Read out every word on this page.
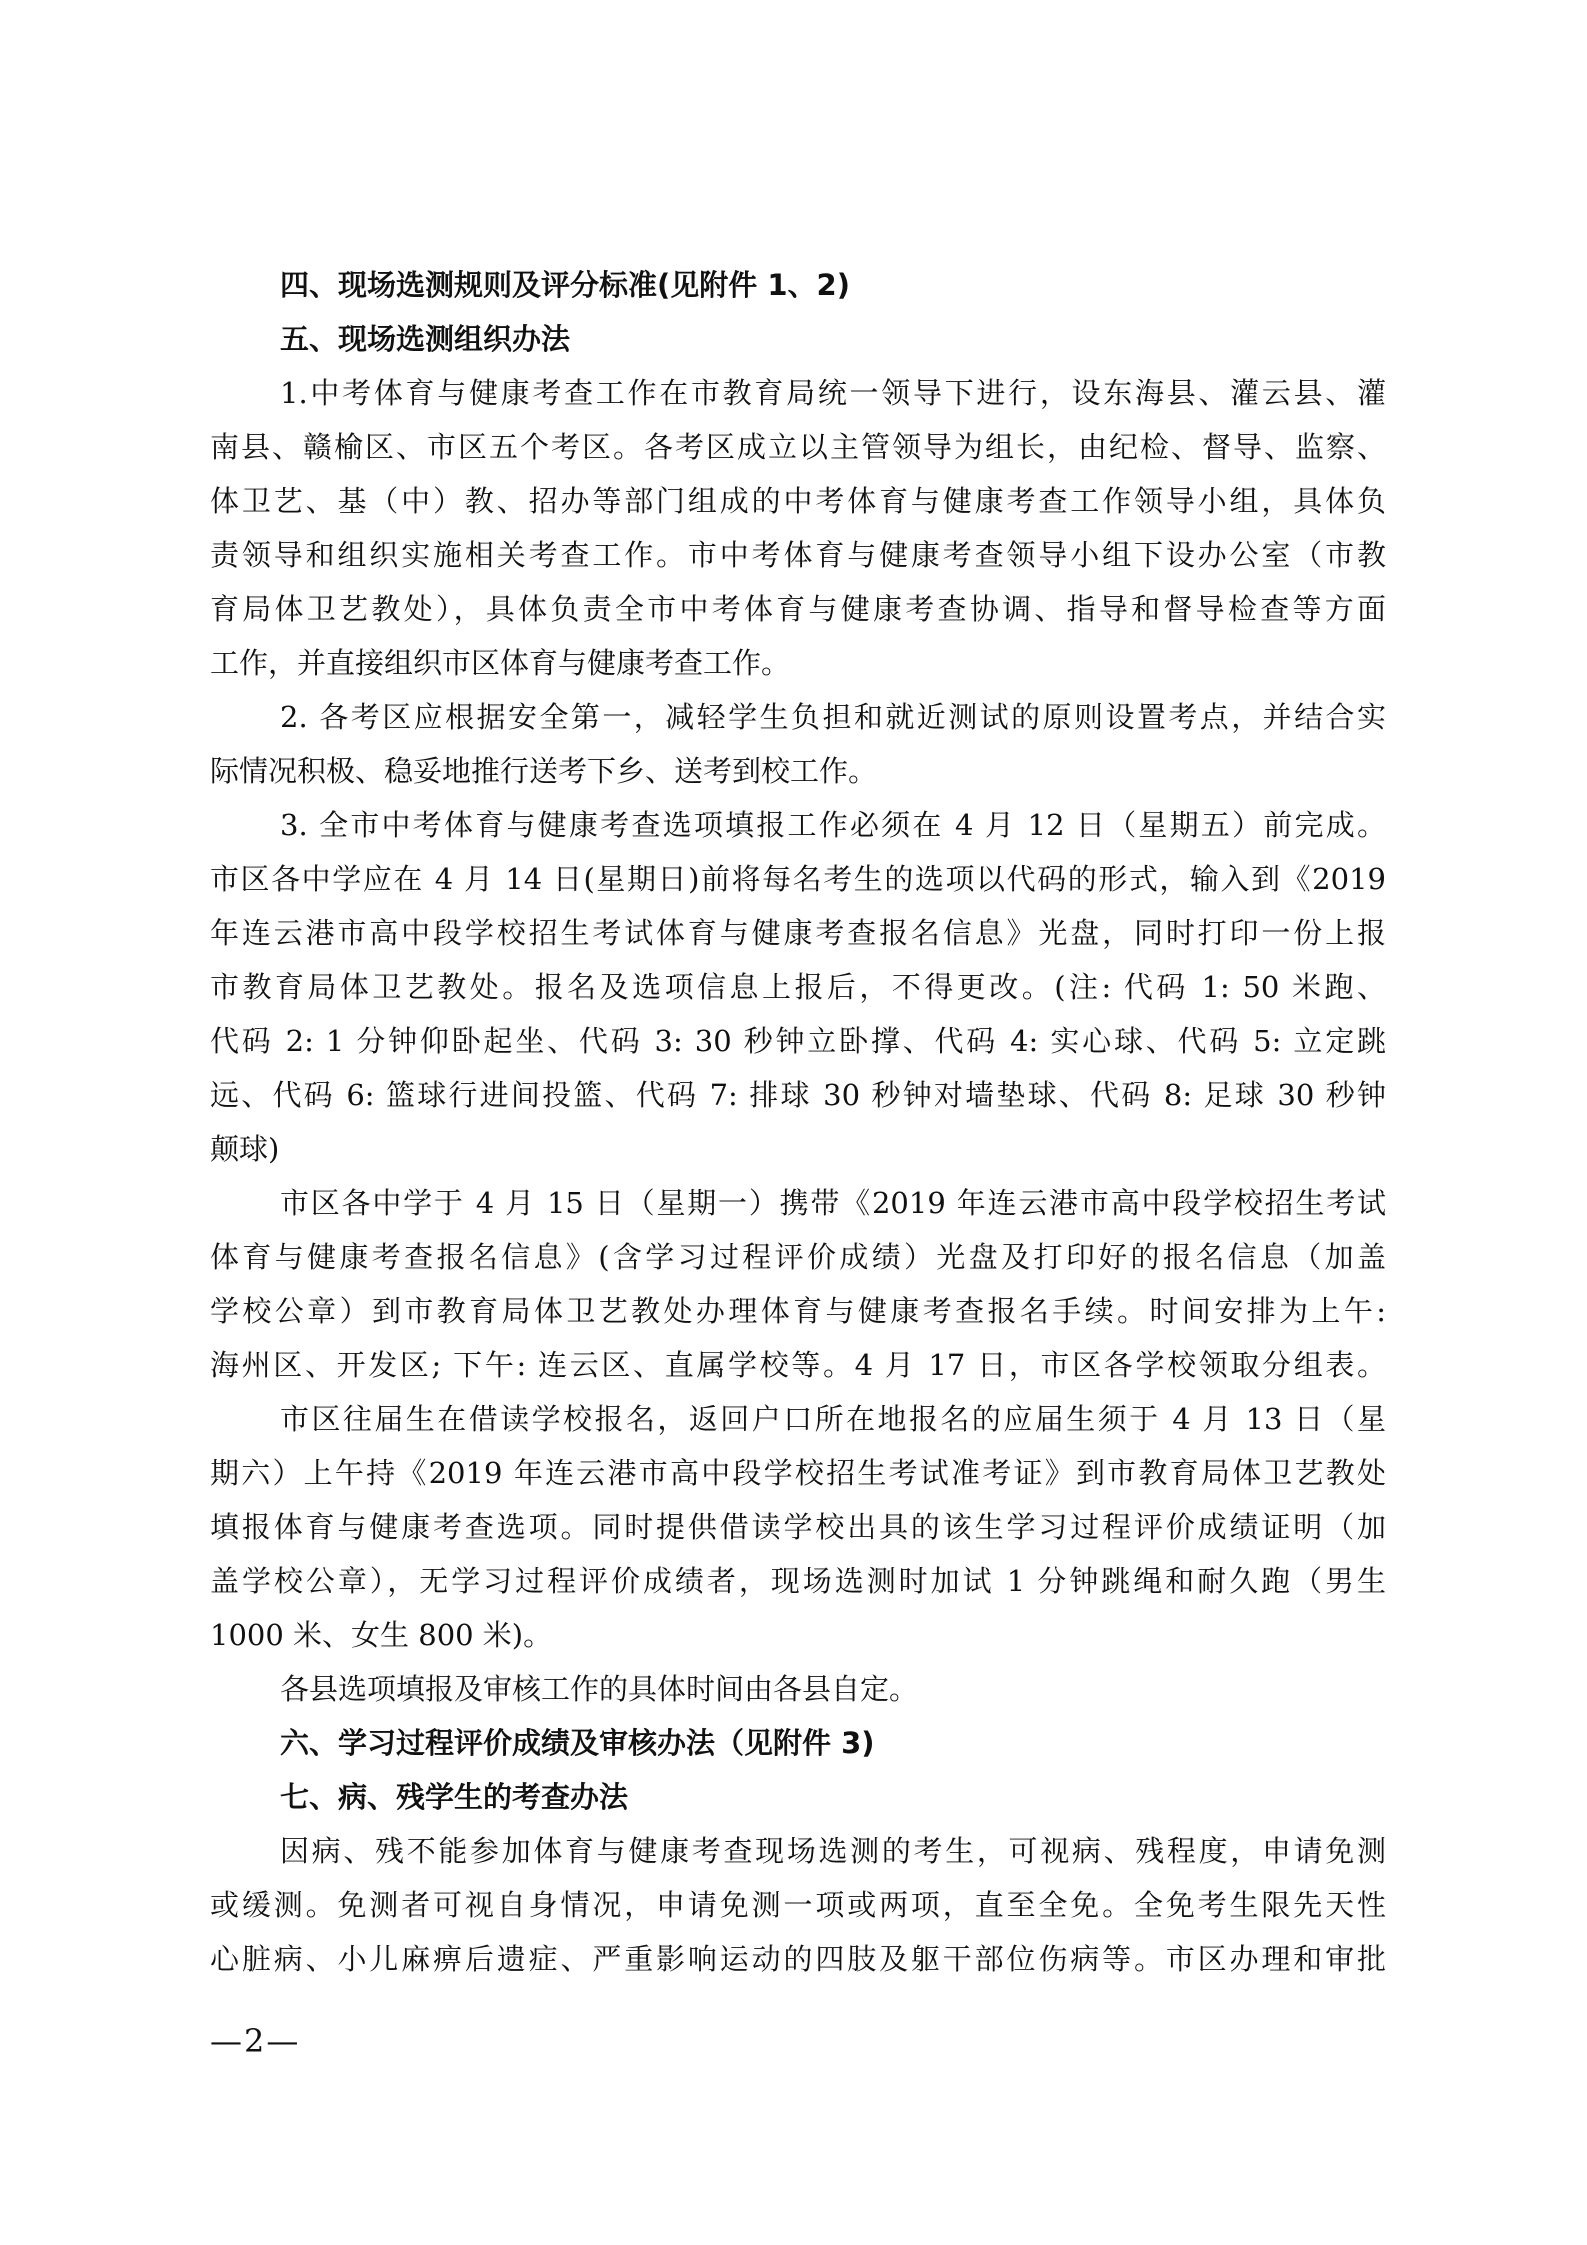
四、现场选测规则及评分标准(见附件 1、2)
五、现场选测组织办法
1.中考体育与健康考查工作在市教育局统一领导下进行，设东海县、灌云县、灌
南县、赣榆区、市区五个考区。各考区成立以主管领导为组长，由纪检、督导、监察、
体卫艺、基（中）教、招办等部门组成的中考体育与健康考查工作领导小组，具体负
责领导和组织实施相关考查工作。市中考体育与健康考查领导小组下设办公室（市教
育局体卫艺教处），具体负责全市中考体育与健康考查协调、指导和督导检查等方面
工作，并直接组织市区体育与健康考查工作。
2. 各考区应根据安全第一，减轻学生负担和就近测试的原则设置考点，并结合实
际情况积极、稳妥地推行送考下乡、送考到校工作。
3. 全市中考体育与健康考查选项填报工作必须在 4 月 12 日（星期五）前完成。
市区各中学应在 4 月 14 日(星期日)前将每名考生的选项以代码的形式，输入到《2019
年连云港市高中段学校招生考试体育与健康考查报名信息》光盘，同时打印一份上报
市教育局体卫艺教处。报名及选项信息上报后，不得更改。(注: 代码 1: 50 米跑、
代码 2: 1 分钟仰卧起坐、代码 3: 30 秒钟立卧撑、代码 4: 实心球、代码 5: 立定跳
远、代码 6: 篮球行进间投篮、代码 7: 排球 30 秒钟对墙垫球、代码 8: 足球 30 秒钟
颠球)
市区各中学于 4 月 15 日（星期一）携带《2019 年连云港市高中段学校招生考试
体育与健康考查报名信息》(含学习过程评价成绩）光盘及打印好的报名信息（加盖
学校公章）到市教育局体卫艺教处办理体育与健康考查报名手续。时间安排为上午:
海州区、开发区; 下午: 连云区、直属学校等。4 月 17 日，市区各学校领取分组表。
市区往届生在借读学校报名，返回户口所在地报名的应届生须于 4 月 13 日（星
期六）上午持《2019 年连云港市高中段学校招生考试准考证》到市教育局体卫艺教处
填报体育与健康考查选项。同时提供借读学校出具的该生学习过程评价成绩证明（加
盖学校公章），无学习过程评价成绩者，现场选测时加试 1 分钟跳绳和耐久跑（男生
1000 米、女生 800 米)。
各县选项填报及审核工作的具体时间由各县自定。
六、学习过程评价成绩及审核办法（见附件 3)
七、病、残学生的考查办法
因病、残不能参加体育与健康考查现场选测的考生，可视病、残程度，申请免测
或缓测。免测者可视自身情况，申请免测一项或两项，直至全免。全免考生限先天性
心脏病、小儿麻痹后遗症、严重影响运动的四肢及躯干部位伤病等。市区办理和审批
—2—
